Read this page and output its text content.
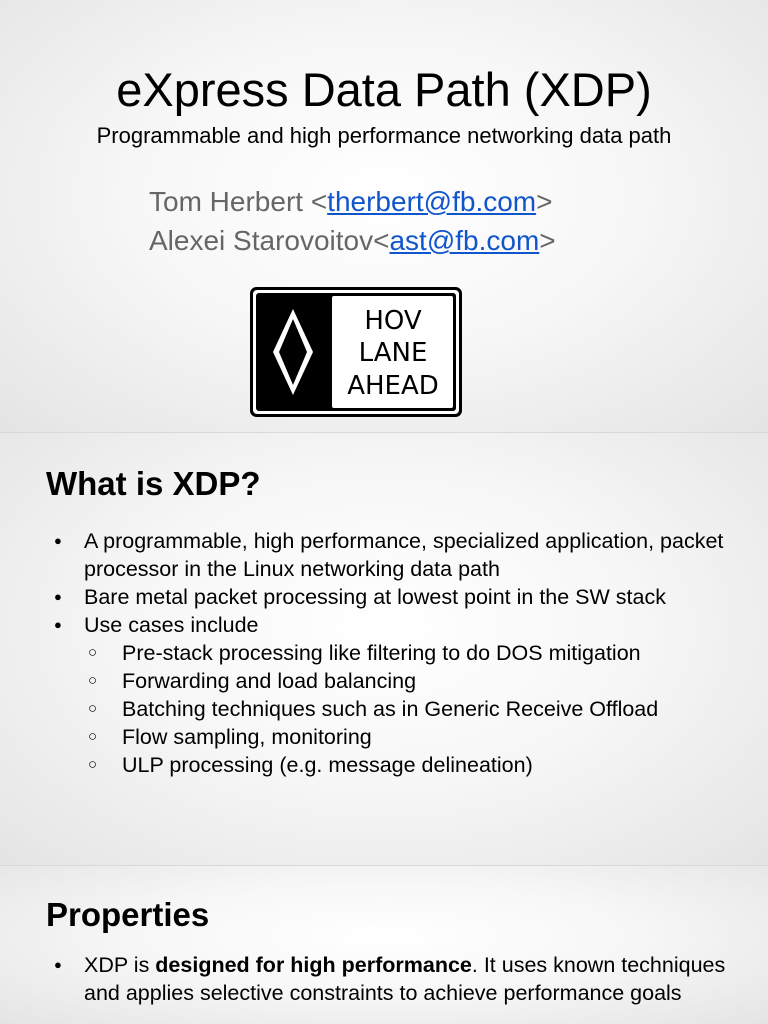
eXpress Data Path (XDP)
Programmable and high performance networking data path
Tom Herbert <therbert@fb.com>
Alexei Starovoitov<ast@fb.com>
HOV
LANE
AHEAD
What is XDP?
● A programmable, high performance, specialized application, packet processor in the Linux networking data path
● Bare metal packet processing at lowest point in the SW stack
● Use cases include
○ Pre-stack processing like filtering to do DOS mitigation
○ Forwarding and load balancing
○ Batching techniques such as in Generic Receive Offload
○ Flow sampling, monitoring
○ ULP processing (e.g. message delineation)
Properties
● XDP is designed for high performance. It uses known techniques and applies selective constraints to achieve performance goals
